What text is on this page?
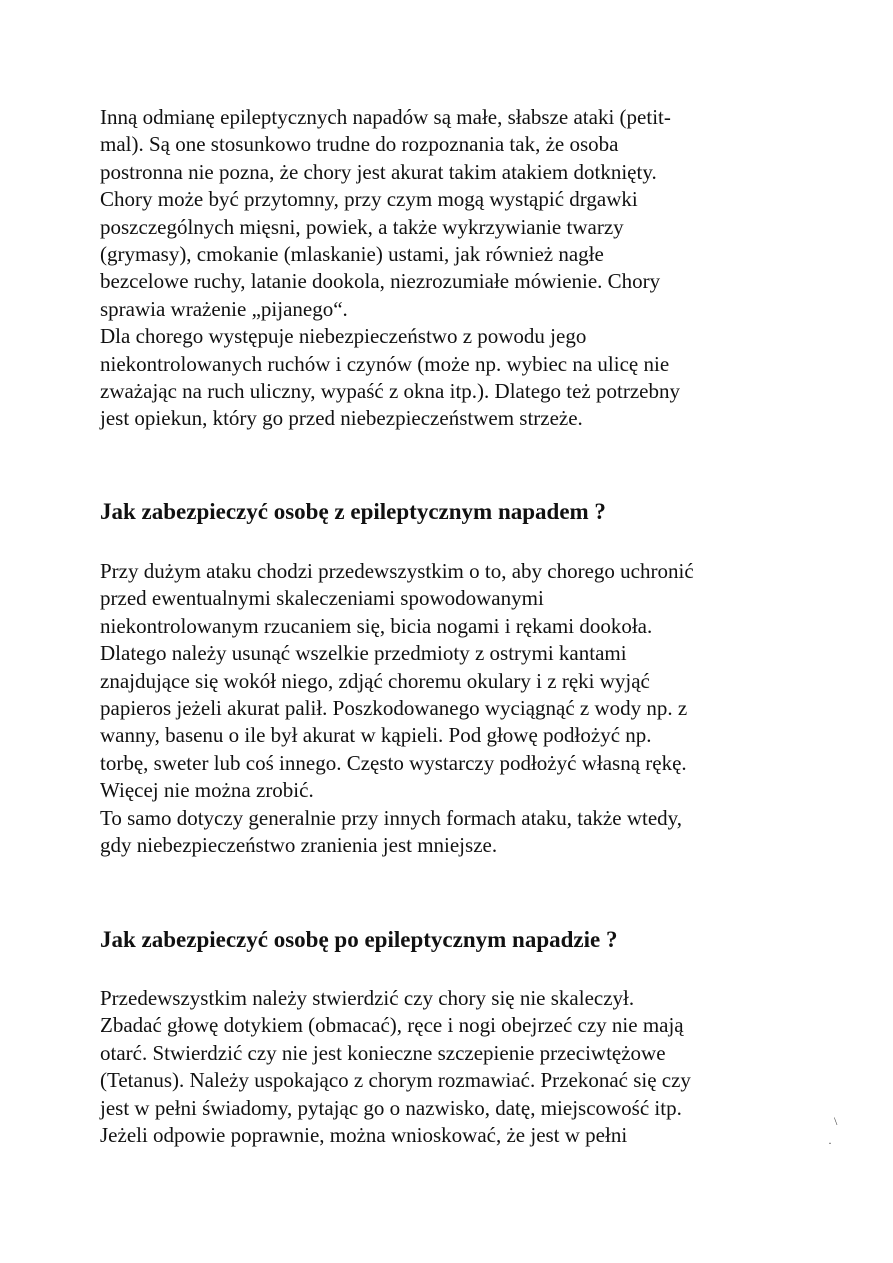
Inną odmianę epileptycznych napadów są małe, słabsze ataki (petit-
mal). Są one stosunkowo trudne do rozpoznania tak, że osoba
postronna nie pozna, że chory jest akurat takim atakiem dotknięty.
Chory może być przytomny, przy czym mogą wystąpić drgawki
poszczególnych mięsni, powiek, a także wykrzywianie twarzy
(grymasy), cmokanie (mlaskanie) ustami, jak również nagłe
bezcelowe ruchy, latanie dookola, niezrozumiałe mówienie. Chory
sprawia wrażenie „pijanego“.
Dla chorego występuje niebezpieczeństwo z powodu jego
niekontrolowanych ruchów i czynów (może np. wybiec na ulicę nie
zważając na ruch uliczny, wypaść z okna itp.). Dlatego też potrzebny
jest opiekun, który go przed niebezpieczeństwem strzeże.
Jak zabezpieczyć osobę z epileptycznym napadem ?
Przy dużym ataku chodzi przedewszystkim o to, aby chorego uchronić
przed ewentualnymi skaleczeniami spowodowanymi
niekontrolowanym rzucaniem się, bicia nogami i rękami dookoła.
Dlatego należy usunąć wszelkie przedmioty z ostrymi kantami
znajdujące się wokół niego, zdjąć choremu okulary i z ręki wyjąć
papieros jeżeli akurat palił. Poszkodowanego wyciągnąć z wody np. z
wanny, basenu o ile był akurat w kąpieli. Pod głowę podłożyć np.
torbę, sweter lub coś innego. Często wystarczy podłożyć własną rękę.
Więcej nie można zrobić.
To samo dotyczy generalnie przy innych formach ataku, także wtedy,
gdy niebezpieczeństwo zranienia jest mniejsze.
Jak zabezpieczyć osobę po epileptycznym napadzie ?
Przedewszystkim należy stwierdzić czy chory się nie skaleczył.
Zbadać głowę dotykiem (obmacać), ręce i nogi obejrzeć czy nie mają
otarć. Stwierdzić czy nie jest konieczne szczepienie przeciwtężowe
(Tetanus). Należy uspokająco z chorym rozmawiać. Przekonać się czy
jest w pełni świadomy, pytając go o nazwisko, datę, miejscowość itp.
Jeżeli odpowie poprawnie, można wnioskować, że jest w pełni
\
·
